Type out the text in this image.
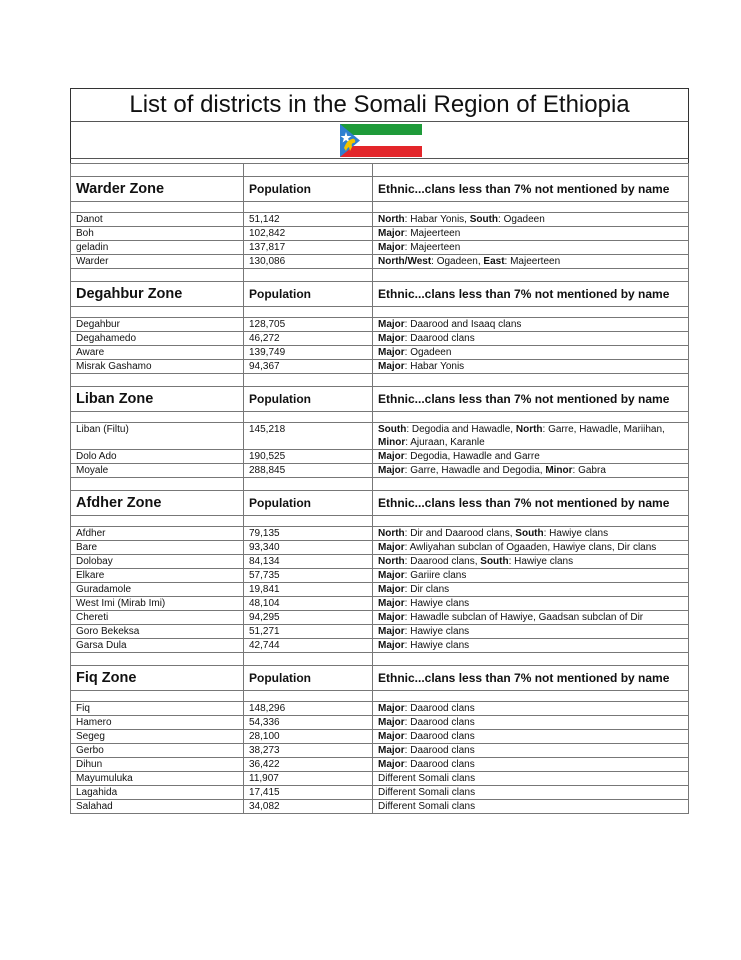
List of districts in the Somali Region of Ethiopia

Warder Zone	Population	Ethnic...clans less than 7% not mentioned by name

Danot	51,142	North: Habar Yonis, South: Ogadeen
Boh	102,842	Major: Majeerteen
geladin	137,817	Major: Majeerteen
Warder	130,086	North/West: Ogadeen, East: Majeerteen

Degahbur Zone	Population	Ethnic...clans less than 7% not mentioned by name

Degahbur	128,705	Major: Daarood and Isaaq clans
Degahamedo	46,272	Major: Daarood clans
Aware	139,749	Major: Ogadeen
Misrak Gashamo	94,367	Major: Habar Yonis

Liban Zone	Population	Ethnic...clans less than 7% not mentioned by name

Liban (Filtu)	145,218	South: Degodia and Hawadle, North: Garre, Hawadle, Mariihan, Minor: Ajuraan, Karanle
Dolo Ado	190,525	Major: Degodia, Hawadle and Garre
Moyale	288,845	Major: Garre, Hawadle and Degodia, Minor: Gabra

Afdher Zone	Population	Ethnic...clans less than 7% not mentioned by name

Afdher	79,135	North: Dir and Daarood clans, South: Hawiye clans
Bare	93,340	Major: Awliyahan subclan of Ogaaden, Hawiye clans, Dir clans
Dolobay	84,134	North: Daarood clans, South: Hawiye clans
Elkare	57,735	Major: Gariire clans
Guradamole	19,841	Major: Dir clans
West Imi (Mirab Imi)	48,104	Major: Hawiye clans
Chereti	94,295	Major: Hawadle subclan of Hawiye, Gaadsan subclan of Dir
Goro Bekeksa	51,271	Major: Hawiye clans
Garsa Dula	42,744	Major: Hawiye clans

Fiq Zone	Population	Ethnic...clans less than 7% not mentioned by name

Fiq	148,296	Major: Daarood clans
Hamero	54,336	Major: Daarood clans
Segeg	28,100	Major: Daarood clans
Gerbo	38,273	Major: Daarood clans
Dihun	36,422	Major: Daarood clans
Mayumuluka	11,907	Different Somali clans
Lagahida	17,415	Different Somali clans
Salahad	34,082	Different Somali clans
